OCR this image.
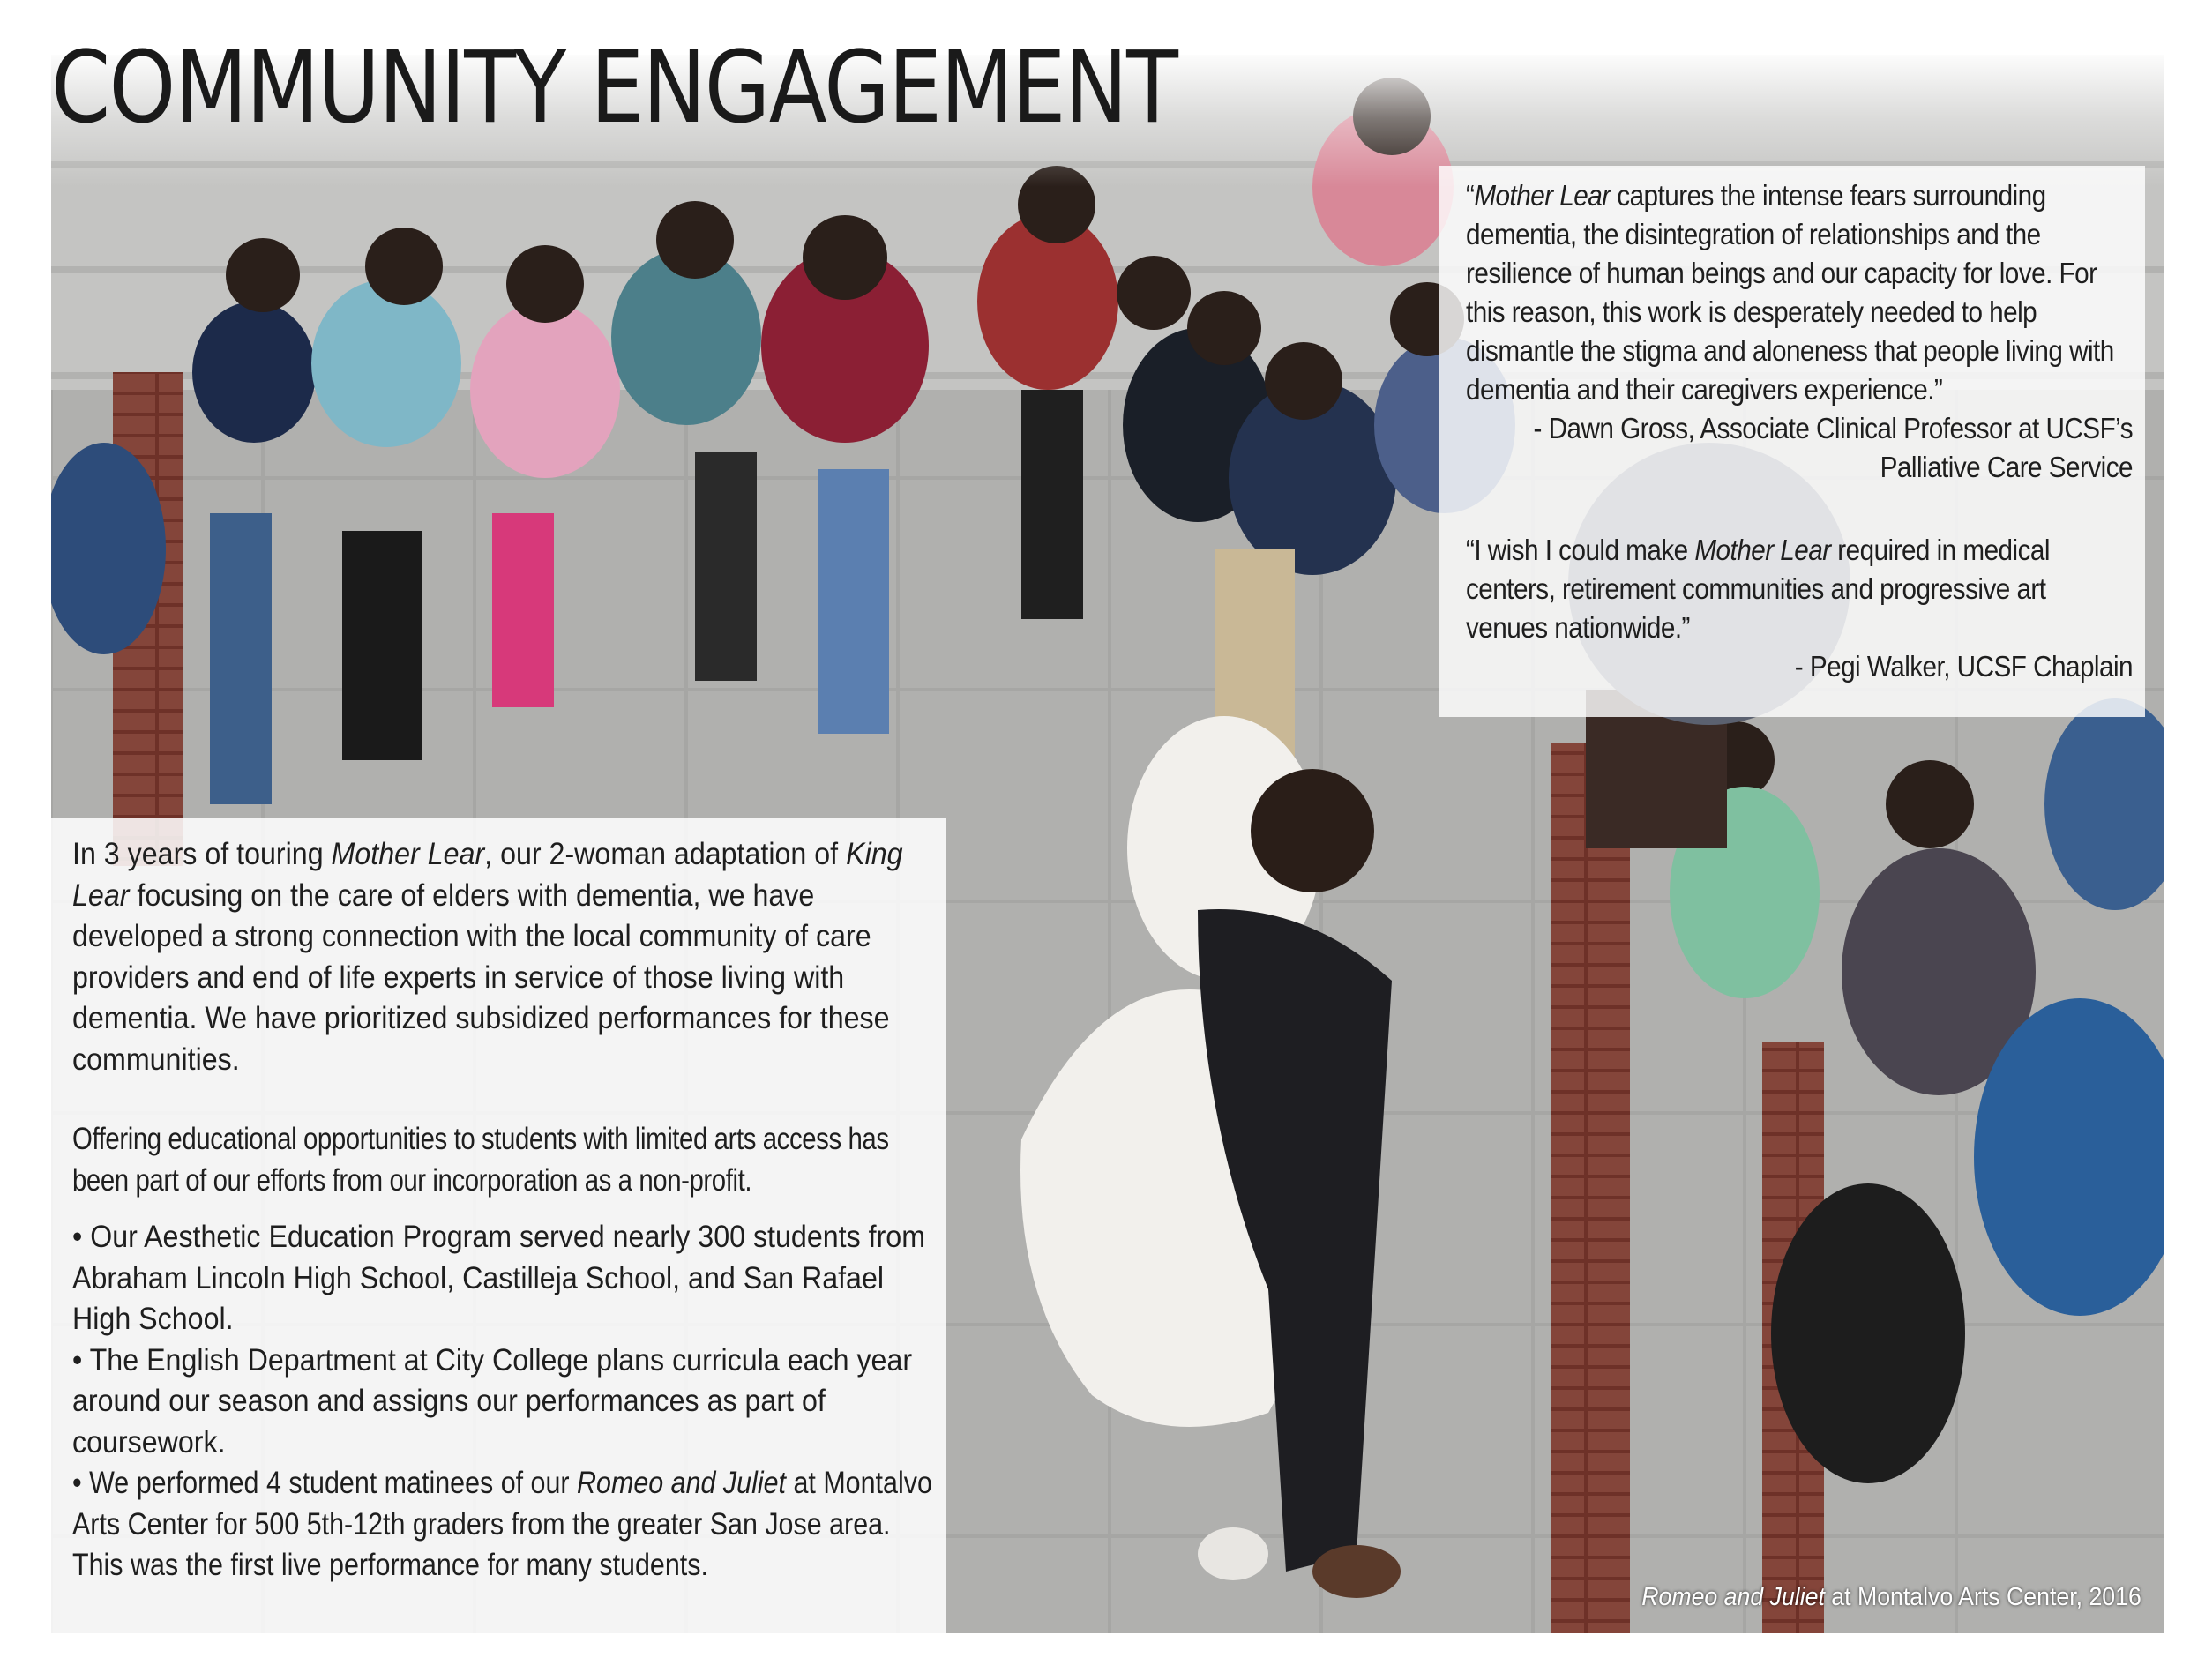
COMMUNITY ENGAGEMENT

“Mother Lear captures the intense fears surrounding dementia, the disintegration of relationships and the resilience of human beings and our capacity for love. For this reason, this work is desperately needed to help dismantle the stigma and aloneness that people living with dementia and their caregivers experience.”

- Dawn Gross, Associate Clinical Professor at UCSF’s

Palliative Care Service

“I wish I could make Mother Lear required in medical centers, retirement communities and progressive art venues nationwide.”

- Pegi Walker, UCSF Chaplain

In 3 years of touring Mother Lear, our 2-woman adaptation of King Lear focusing on the care of elders with dementia, we have developed a strong connection with the local community of care providers and end of life experts in service of those living with dementia. We have prioritized subsidized performances for these communities.

Offering educational opportunities to students with limited arts access has been part of our efforts from our incorporation as a non-profit.

• Our Aesthetic Education Program served nearly 300 students from Abraham Lincoln High School, Castilleja School, and San Rafael High School.

• The English Department at City College plans curricula each year around our season and assigns our performances as part of coursework.

• We performed 4 student matinees of our Romeo and Juliet at Montalvo Arts Center for 500 5th-12th graders from the greater San Jose area. This was the first live performance for many students.

Romeo and Juliet at Montalvo Arts Center, 2016
